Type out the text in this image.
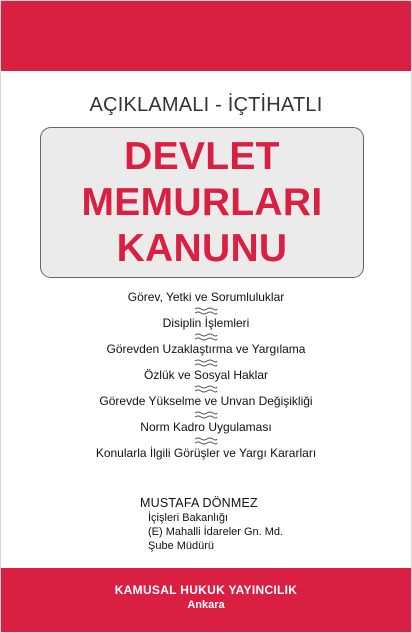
AÇIKLAMALI - İÇTİHATLI
DEVLET
MEMURLARI
KANUNU
Görev, Yetki ve Sorumluluklar
Disiplin İşlemleri
Görevden Uzaklaştırma ve Yargılama
Özlük ve Sosyal Haklar
Görevde Yükselme ve Unvan Değişikliği
Norm Kadro Uygulaması
Konularla İlgili Görüşler ve Yargı Kararları
MUSTAFA DÖNMEZ
İçişleri Bakanlığı
(E) Mahalli İdareler Gn. Md.
Şube Müdürü
KAMUSAL HUKUK YAYINCILIK
Ankara
